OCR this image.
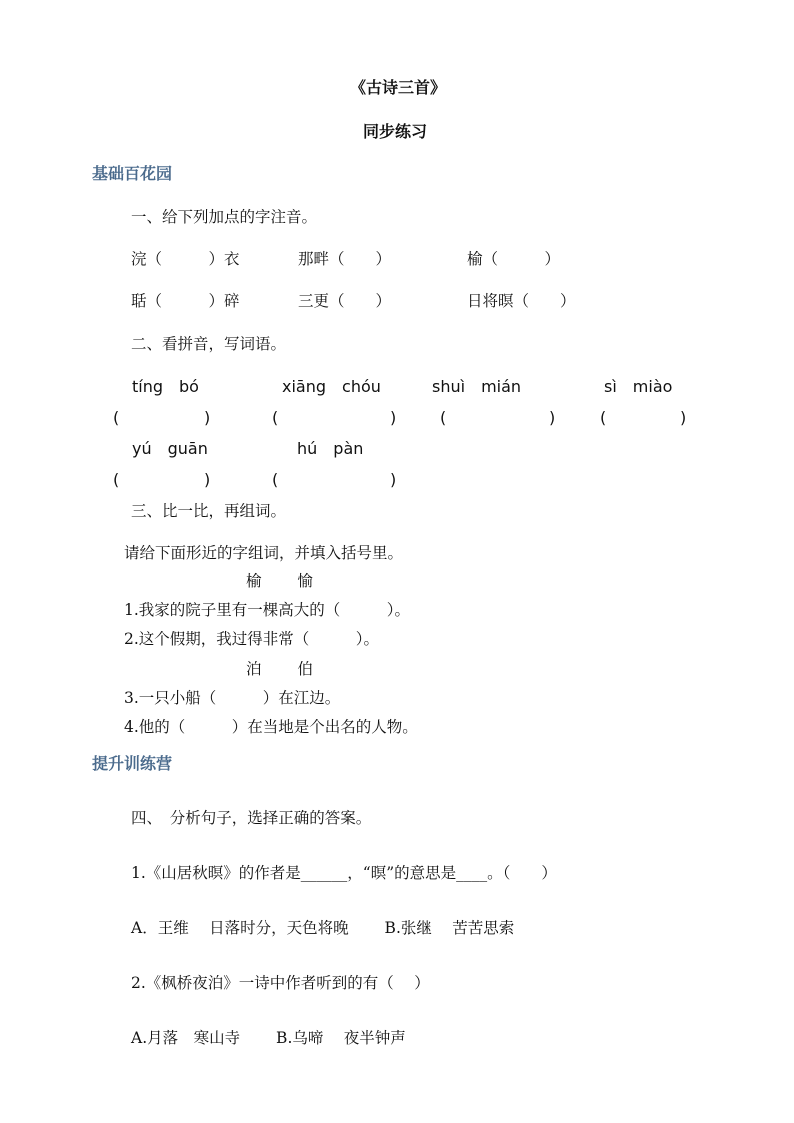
《古诗三首》
同步练习
基础百花园
一、给下列加点的字注音。
浣（　　　）衣	那畔（　　）	榆（　　　）
聒（　　　）碎	三更（　　）	日将暝（　　）
二、看拼音，写词语。
tíng　bó	xiāng　chóu	shuì　mián	sì　miào
(	)	(	)	(	)	(	)
yú　guān	hú　pàn
(	)	(	)
三、比一比，再组词。
请给下面形近的字组词，并填入括号里。
榆　　 愉
1.我家的院子里有一棵高大的（　　　）。
2.这个假期，我过得非常（　　　）。
泊　　 伯
3.一只小船（　　　）在江边。
4.他的（　　　）在当地是个出名的人物。
提升训练营
四、　分析句子，选择正确的答案。
1.《山居秋暝》的作者是______，“暝”的意思是____。（　　）
A．王维　 日落时分，天色将晚　　 B.张继　 苦苦思索
2.《枫桥夜泊》一诗中作者听到的有（　 ）
A.月落　寒山寺　　 B.乌啼　 夜半钟声
